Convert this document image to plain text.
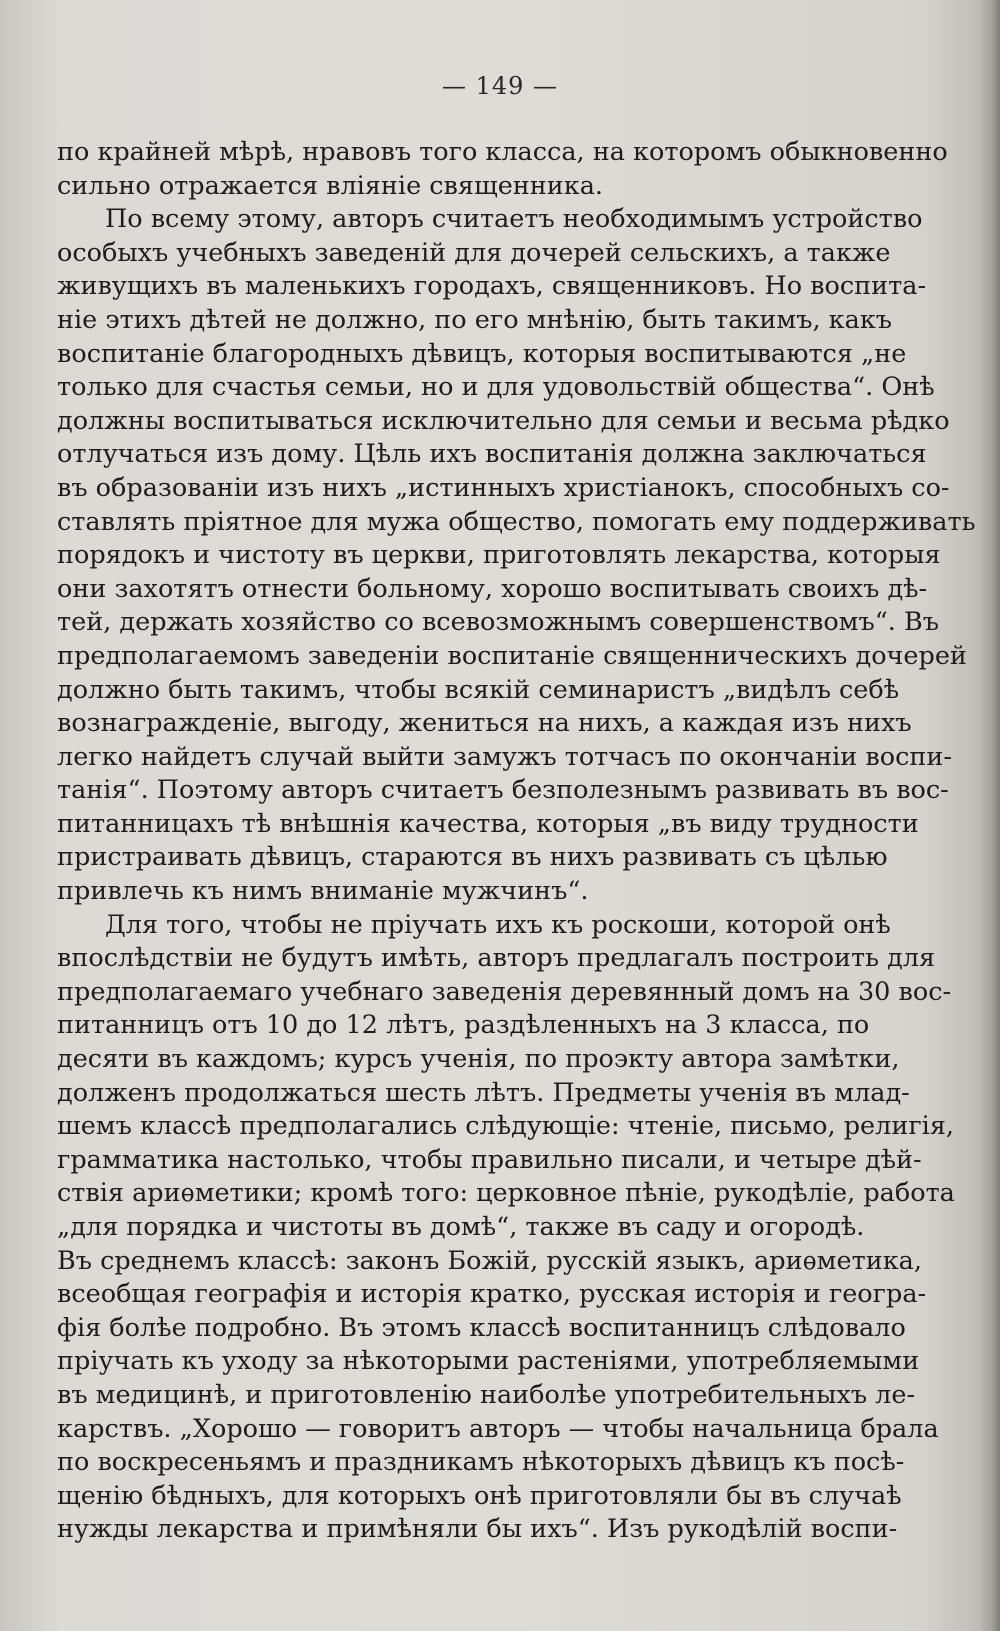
— 149 —
по крайней мѣрѣ, нравовъ того класса, на которомъ обыкновенно
сильно отражается вліяніе священника.
По всему этому, авторъ считаетъ необходимымъ устройство
особыхъ учебныхъ заведеній для дочерей сельскихъ, а также
живущихъ въ маленькихъ городахъ, священниковъ. Но воспита-
ніе этихъ дѣтей не должно, по его мнѣнію, быть такимъ, какъ
воспитаніе благородныхъ дѣвицъ, которыя воспитываются „не
только для счастья семьи, но и для удовольствій общества“. Онѣ
должны воспитываться исключительно для семьи и весьма рѣдко
отлучаться изъ дому. Цѣль ихъ воспитанія должна заключаться
въ образованіи изъ нихъ „истинныхъ христіанокъ, способныхъ со-
ставлять пріятное для мужа общество, помогать ему поддерживать
порядокъ и чистоту въ церкви, приготовлять лекарства, которыя
они захотятъ отнести больному, хорошо воспитывать своихъ дѣ-
тей, держать хозяйство со всевозможнымъ совершенствомъ“. Въ
предполагаемомъ заведеніи воспитаніе священническихъ дочерей
должно быть такимъ, чтобы всякій семинаристъ „видѣлъ себѣ
вознагражденіе, выгоду, жениться на нихъ, а каждая изъ нихъ
легко найдетъ случай выйти замужъ тотчасъ по окончаніи воспи-
танія“. Поэтому авторъ считаетъ безполезнымъ развивать въ вос-
питанницахъ тѣ внѣшнія качества, которыя „въ виду трудности
пристраивать дѣвицъ, стараются въ нихъ развивать съ цѣлью
привлечь къ нимъ вниманіе мужчинъ“.
Для того, чтобы не пріучать ихъ къ роскоши, которой онѣ
впослѣдствіи не будутъ имѣть, авторъ предлагалъ построить для
предполагаемаго учебнаго заведенія деревянный домъ на 30 вос-
питанницъ отъ 10 до 12 лѣтъ, раздѣленныхъ на 3 класса, по
десяти въ каждомъ; курсъ ученія, по проэкту автора замѣтки,
долженъ продолжаться шесть лѣтъ. Предметы ученія въ млад-
шемъ классѣ предполагались слѣдующіе: чтеніе, письмо, религія,
грамматика настолько, чтобы правильно писали, и четыре дѣй-
ствія ариѳметики; кромѣ того: церковное пѣніе, рукодѣліе, работа
„для порядка и чистоты въ домѣ“, также въ саду и огородѣ.
Въ среднемъ классѣ: законъ Божій, русскій языкъ, ариѳметика,
всеобщая географія и исторія кратко, русская исторія и геогра-
фія болѣе подробно. Въ этомъ классѣ воспитанницъ слѣдовало
пріучать къ уходу за нѣкоторыми растеніями, употребляемыми
въ медицинѣ, и приготовленію наиболѣе употребительныхъ ле-
карствъ. „Хорошо — говоритъ авторъ — чтобы начальница брала
по воскресеньямъ и праздникамъ нѣкоторыхъ дѣвицъ къ посѣ-
щенію бѣдныхъ, для которыхъ онѣ приготовляли бы въ случаѣ
нужды лекарства и примѣняли бы ихъ“. Изъ рукодѣлій воспи-
